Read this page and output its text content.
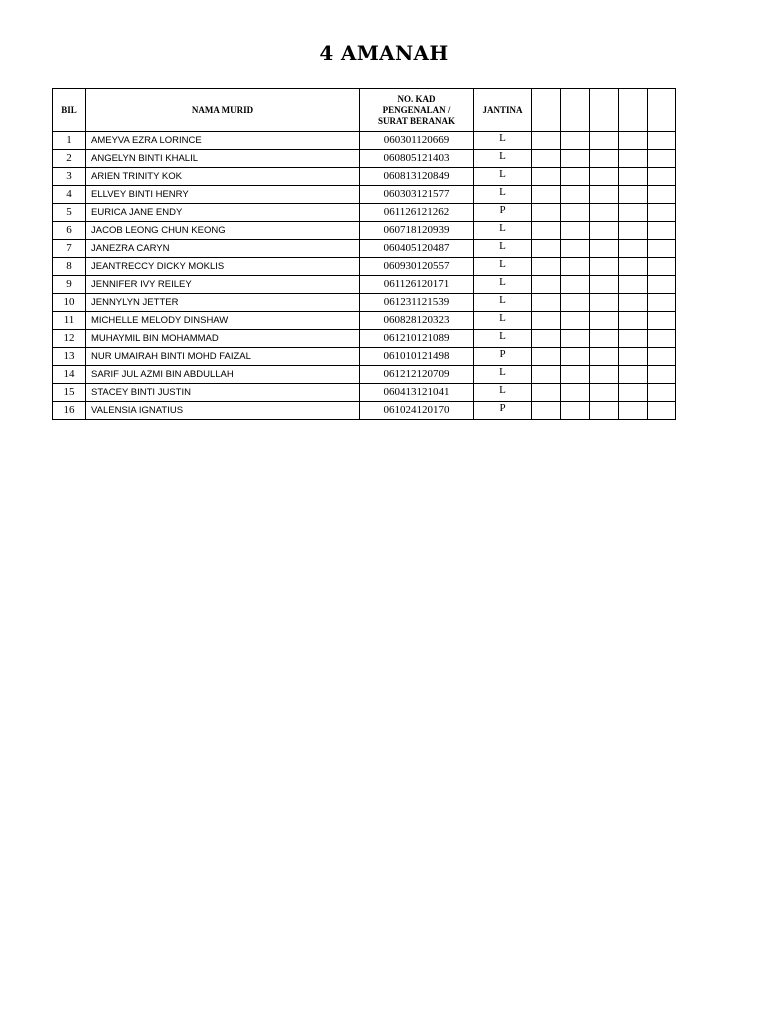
4 AMANAH
BIL	NAMA MURID	NO. KAD
PENGENALAN /
SURAT BERANAK	JANTINA					
1	AMEYVA EZRA LORINCE	060301120669	L					
2	ANGELYN BINTI KHALIL	060805121403	L					
3	ARIEN TRINITY KOK	060813120849	L					
4	ELLVEY BINTI HENRY	060303121577	L					
5	EURICA JANE ENDY	061126121262	P					
6	JACOB LEONG CHUN KEONG	060718120939	L					
7	JANEZRA CARYN	060405120487	L					
8	JEANTRECCY DICKY MOKLIS	060930120557	L					
9	JENNIFER IVY REILEY	061126120171	L					
10	JENNYLYN JETTER	061231121539	L					
11	MICHELLE MELODY DINSHAW	060828120323	L					
12	MUHAYMIL BIN MOHAMMAD	061210121089	L					
13	NUR UMAIRAH BINTI MOHD FAIZAL	061010121498	P					
14	SARIF JUL AZMI BIN ABDULLAH	061212120709	L					
15	STACEY BINTI JUSTIN	060413121041	L					
16	VALENSIA IGNATIUS	061024120170	P					
